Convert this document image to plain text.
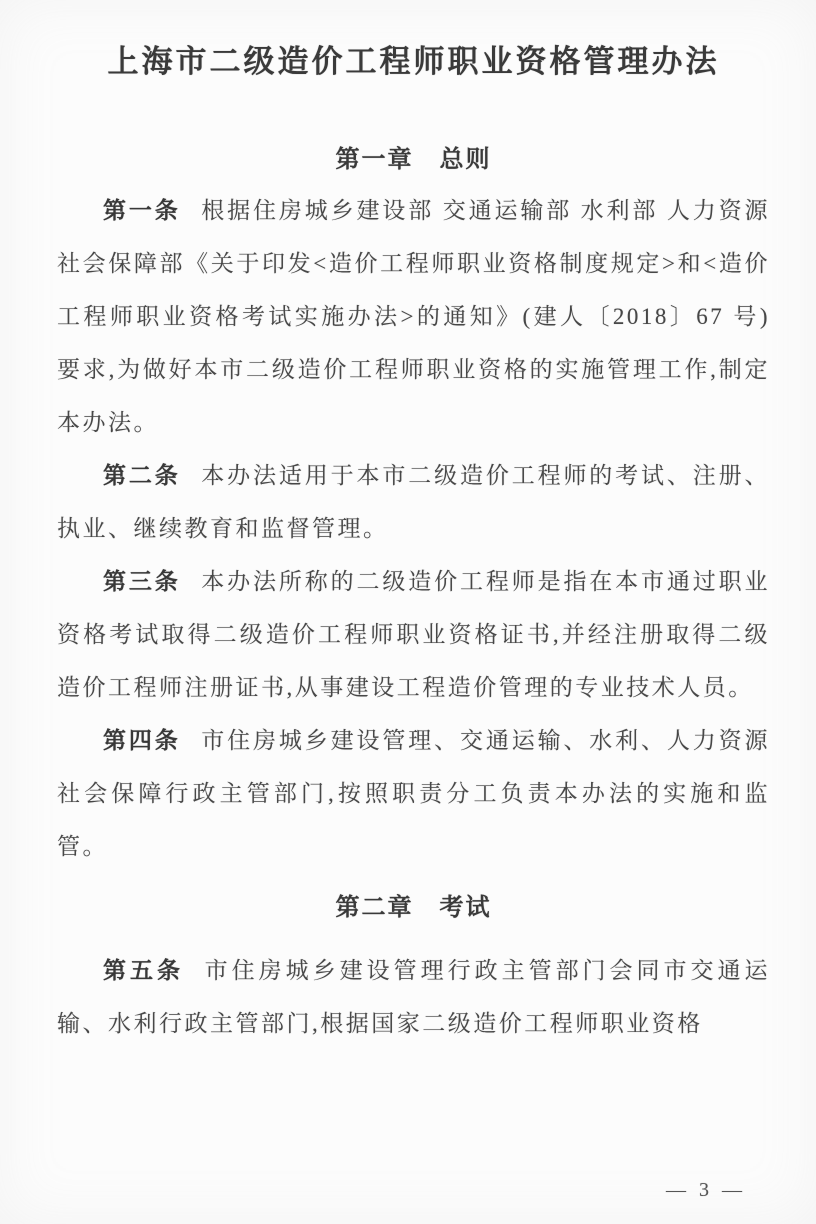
上海市二级造价工程师职业资格管理办法
第一章　总则

第一条 根据住房城乡建设部 交通运输部 水利部 人力资源社会保障部《关于印发<造价工程师职业资格制度规定>和<造价工程师职业资格考试实施办法>的通知》(建人〔2018〕67 号)要求,为做好本市二级造价工程师职业资格的实施管理工作,制定本办法。

第二条 本办法适用于本市二级造价工程师的考试、注册、执业、继续教育和监督管理。

第三条 本办法所称的二级造价工程师是指在本市通过职业资格考试取得二级造价工程师职业资格证书,并经注册取得二级造价工程师注册证书,从事建设工程造价管理的专业技术人员。

第四条 市住房城乡建设管理、交通运输、水利、人力资源社会保障行政主管部门,按照职责分工负责本办法的实施和监管。

第二章　考试

第五条 市住房城乡建设管理行政主管部门会同市交通运输、水利行政主管部门,根据国家二级造价工程师职业资格

— 3 —
